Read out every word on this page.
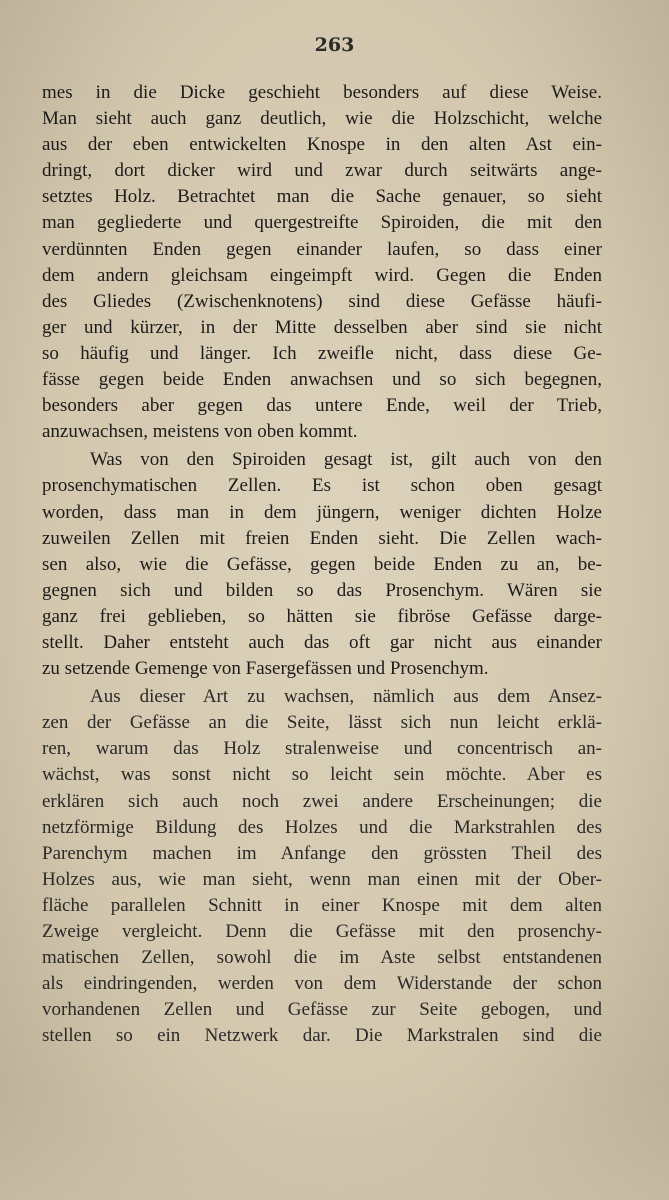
263
mes in die Dicke geschieht besonders auf diese Weise.
Man sieht auch ganz deutlich, wie die Holzschicht, welche
aus der eben entwickelten Knospe in den alten Ast ein-
dringt, dort dicker wird und zwar durch seitwärts ange-
setztes Holz. Betrachtet man die Sache genauer, so sieht
man gegliederte und quergestreifte Spiroiden, die mit den
verdünnten Enden gegen einander laufen, so dass einer
dem andern gleichsam eingeimpft wird. Gegen die Enden
des Gliedes (Zwischenknotens) sind diese Gefässe häufi-
ger und kürzer, in der Mitte desselben aber sind sie nicht
so häufig und länger. Ich zweifle nicht, dass diese Ge-
fässe gegen beide Enden anwachsen und so sich begegnen,
besonders aber gegen das untere Ende, weil der Trieb,
anzuwachsen, meistens von oben kommt.
Was von den Spiroiden gesagt ist, gilt auch von den
prosenchymatischen Zellen. Es ist schon oben gesagt
worden, dass man in dem jüngern, weniger dichten Holze
zuweilen Zellen mit freien Enden sieht. Die Zellen wach-
sen also, wie die Gefässe, gegen beide Enden zu an, be-
gegnen sich und bilden so das Prosenchym. Wären sie
ganz frei geblieben, so hätten sie fibröse Gefässe darge-
stellt. Daher entsteht auch das oft gar nicht aus einander
zu setzende Gemenge von Fasergefässen und Prosenchym.
Aus dieser Art zu wachsen, nämlich aus dem Ansez-
zen der Gefässe an die Seite, lässt sich nun leicht erklä-
ren, warum das Holz stralenweise und concentrisch an-
wächst, was sonst nicht so leicht sein möchte. Aber es
erklären sich auch noch zwei andere Erscheinungen; die
netzförmige Bildung des Holzes und die Markstrahlen des
Parenchym machen im Anfange den grössten Theil des
Holzes aus, wie man sieht, wenn man einen mit der Ober-
fläche parallelen Schnitt in einer Knospe mit dem alten
Zweige vergleicht. Denn die Gefässe mit den prosenchy-
matischen Zellen, sowohl die im Aste selbst entstandenen
als eindringenden, werden von dem Widerstande der schon
vorhandenen Zellen und Gefässe zur Seite gebogen, und
stellen so ein Netzwerk dar. Die Markstralen sind die
